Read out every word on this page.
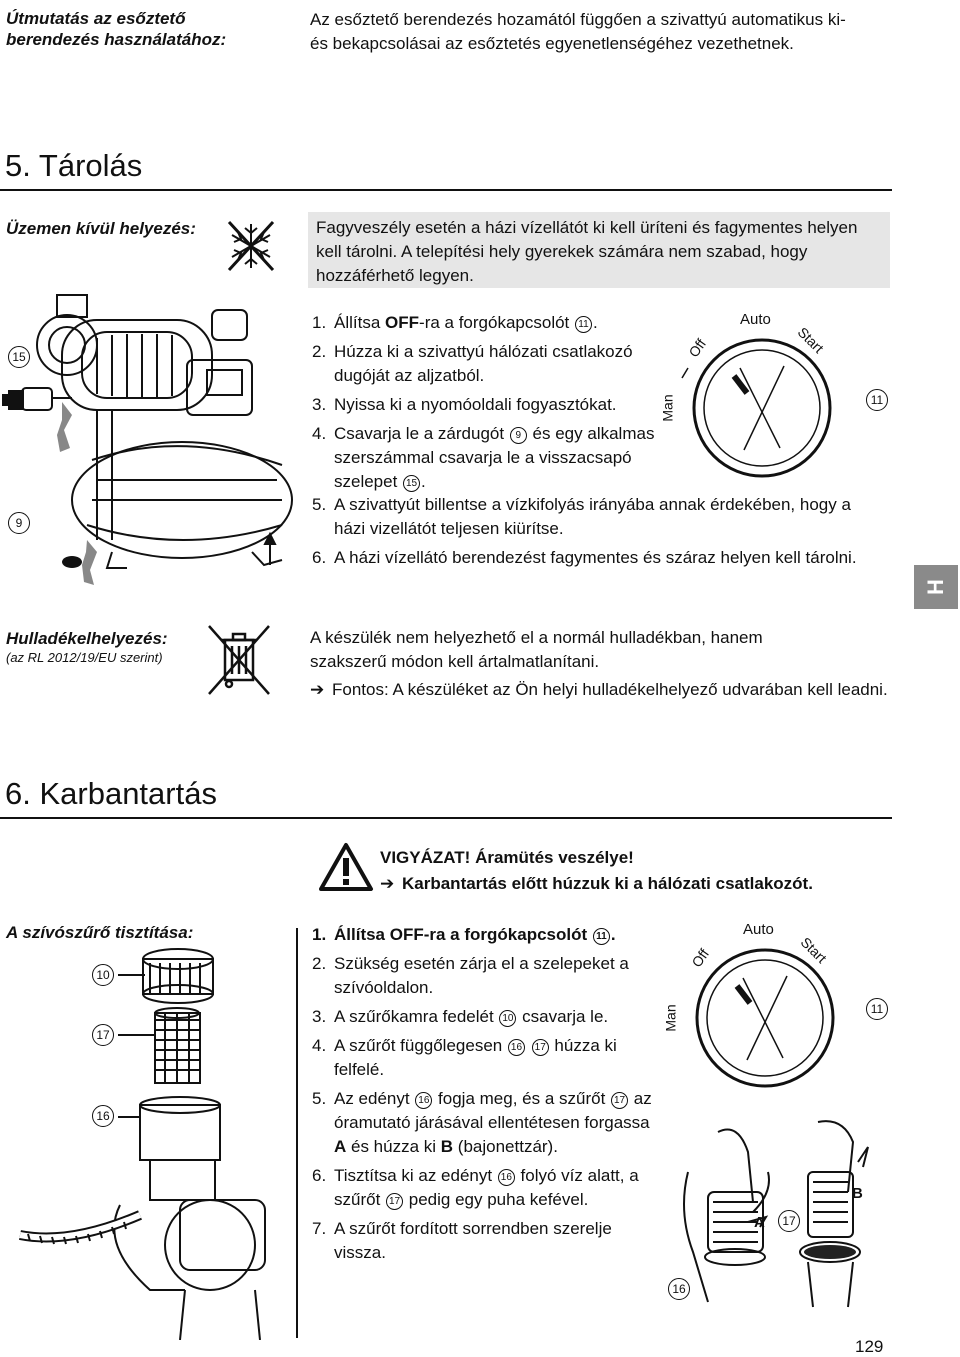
Útmutatás az esőztető berendezés használatához:
Az esőztető berendezés hozamától függően a szivattyú automatikus ki- és bekapcsolásai az esőztetés egyenetlenségéhez vezethetnek.
5. Tárolás
Üzemen kívül helyezés:	Fagyveszély esetén a házi vízellátót ki kell üríteni és fagymentes helyen kell tárolni. A telepítési hely gyerekek számára nem szabad, hogy hozzáférhető legyen.
15
9
1. Állítsa OFF-ra a forgókapcsolót 11 .
2. Húzza ki a szivattyú hálózati csatlakozó dugóját az aljzatból.
3. Nyissa ki a nyomóoldali fogyasztókat.
4. Csavarja le a zárdugót 9 és egy alkalmas szerszámmal csavarja le a visszacsapó szelepet 15 .
5. A szivattyút billentse a vízkifolyás irányába annak érdekében, hogy a házi vizellátót teljesen kiürítse.
6. A házi vízellátó berendezést fagymentes és száraz helyen kell tárolni.
Auto
Off	Start
Man	11
H
Hulladékelhelyezés:
(az RL 2012/19/EU szerint)
A készülék nem helyezhető el a normál hulladékban, hanem szakszerű módon kell ártalmatlanítani.
➔ Fontos: A készüléket az Ön helyi hulladékelhelyező udvarában kell leadni.
6. Karbantartás
VIGYÁZAT! Áramütés veszélye!
➔ Karbantartás előtt húzzuk ki a hálózati csatlakozót.
A szívószűrő tisztítása:
10
17
16
1. Állítsa OFF-ra a forgókapcsolót 11 .
2. Szükség esetén zárja el a szelepeket a szívóoldalon.
3. A szűrőkamra fedelét 10 csavarja le.
4. A szűrőt függőlegesen 16 17 húzza ki felfelé.
5. Az edényt 16 fogja meg, és a szűrőt 17 az óramutató járásával ellentétesen forgassa A és húzza ki B (bajonettzár).
6. Tisztítsa ki az edényt 16 folyó víz alatt, a szűrőt 17 pedig egy puha kefével.
7. A szűrőt fordított sorrendben szerelje vissza.
Auto
Off	Start
Man	11
A
B
17
16
129
